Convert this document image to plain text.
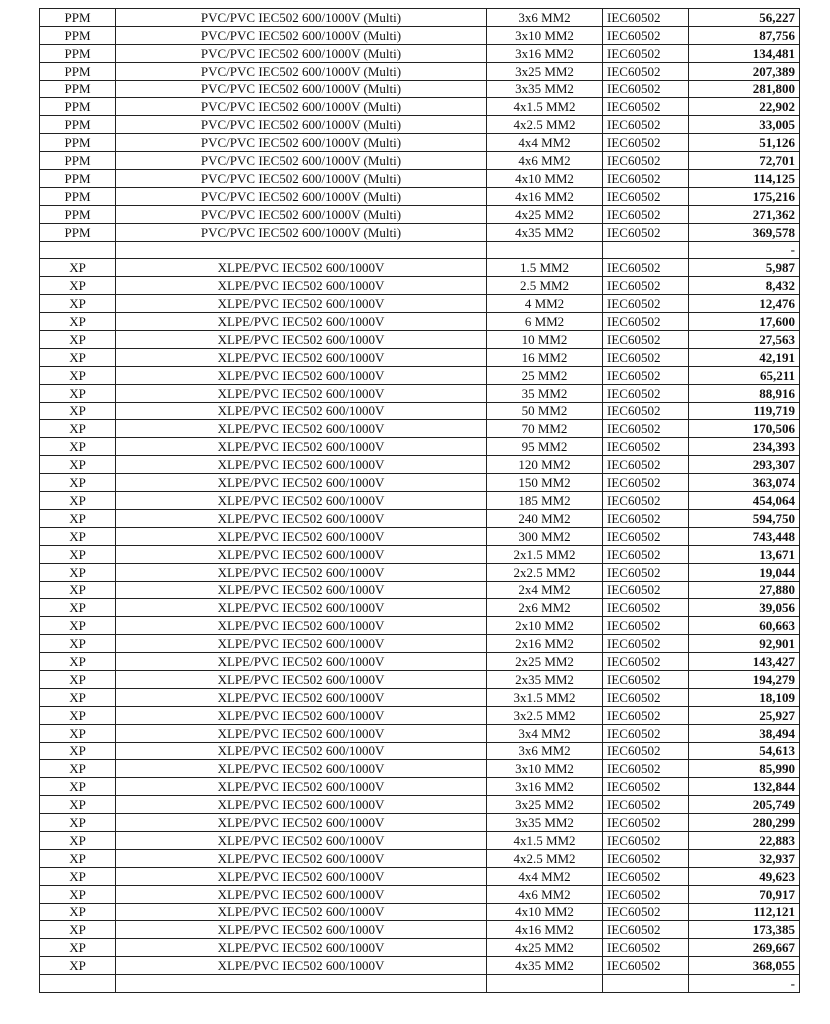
PPM	PVC/PVC IEC502 600/1000V (Multi)	3x6 MM2	IEC60502	56,227
PPM	PVC/PVC IEC502 600/1000V (Multi)	3x10 MM2	IEC60502	87,756
PPM	PVC/PVC IEC502 600/1000V (Multi)	3x16 MM2	IEC60502	134,481
PPM	PVC/PVC IEC502 600/1000V (Multi)	3x25 MM2	IEC60502	207,389
PPM	PVC/PVC IEC502 600/1000V (Multi)	3x35 MM2	IEC60502	281,800
PPM	PVC/PVC IEC502 600/1000V (Multi)	4x1.5 MM2	IEC60502	22,902
PPM	PVC/PVC IEC502 600/1000V (Multi)	4x2.5 MM2	IEC60502	33,005
PPM	PVC/PVC IEC502 600/1000V (Multi)	4x4 MM2	IEC60502	51,126
PPM	PVC/PVC IEC502 600/1000V (Multi)	4x6 MM2	IEC60502	72,701
PPM	PVC/PVC IEC502 600/1000V (Multi)	4x10 MM2	IEC60502	114,125
PPM	PVC/PVC IEC502 600/1000V (Multi)	4x16 MM2	IEC60502	175,216
PPM	PVC/PVC IEC502 600/1000V (Multi)	4x25 MM2	IEC60502	271,362
PPM	PVC/PVC IEC502 600/1000V (Multi)	4x35 MM2	IEC60502	369,578
				-
XP	XLPE/PVC IEC502 600/1000V	1.5 MM2	IEC60502	5,987
XP	XLPE/PVC IEC502 600/1000V	2.5 MM2	IEC60502	8,432
XP	XLPE/PVC IEC502 600/1000V	4 MM2	IEC60502	12,476
XP	XLPE/PVC IEC502 600/1000V	6 MM2	IEC60502	17,600
XP	XLPE/PVC IEC502 600/1000V	10 MM2	IEC60502	27,563
XP	XLPE/PVC IEC502 600/1000V	16 MM2	IEC60502	42,191
XP	XLPE/PVC IEC502 600/1000V	25 MM2	IEC60502	65,211
XP	XLPE/PVC IEC502 600/1000V	35 MM2	IEC60502	88,916
XP	XLPE/PVC IEC502 600/1000V	50 MM2	IEC60502	119,719
XP	XLPE/PVC IEC502 600/1000V	70 MM2	IEC60502	170,506
XP	XLPE/PVC IEC502 600/1000V	95 MM2	IEC60502	234,393
XP	XLPE/PVC IEC502 600/1000V	120 MM2	IEC60502	293,307
XP	XLPE/PVC IEC502 600/1000V	150 MM2	IEC60502	363,074
XP	XLPE/PVC IEC502 600/1000V	185 MM2	IEC60502	454,064
XP	XLPE/PVC IEC502 600/1000V	240 MM2	IEC60502	594,750
XP	XLPE/PVC IEC502 600/1000V	300 MM2	IEC60502	743,448
XP	XLPE/PVC IEC502 600/1000V	2x1.5 MM2	IEC60502	13,671
XP	XLPE/PVC IEC502 600/1000V	2x2.5 MM2	IEC60502	19,044
XP	XLPE/PVC IEC502 600/1000V	2x4 MM2	IEC60502	27,880
XP	XLPE/PVC IEC502 600/1000V	2x6 MM2	IEC60502	39,056
XP	XLPE/PVC IEC502 600/1000V	2x10 MM2	IEC60502	60,663
XP	XLPE/PVC IEC502 600/1000V	2x16 MM2	IEC60502	92,901
XP	XLPE/PVC IEC502 600/1000V	2x25 MM2	IEC60502	143,427
XP	XLPE/PVC IEC502 600/1000V	2x35 MM2	IEC60502	194,279
XP	XLPE/PVC IEC502 600/1000V	3x1.5 MM2	IEC60502	18,109
XP	XLPE/PVC IEC502 600/1000V	3x2.5 MM2	IEC60502	25,927
XP	XLPE/PVC IEC502 600/1000V	3x4 MM2	IEC60502	38,494
XP	XLPE/PVC IEC502 600/1000V	3x6 MM2	IEC60502	54,613
XP	XLPE/PVC IEC502 600/1000V	3x10 MM2	IEC60502	85,990
XP	XLPE/PVC IEC502 600/1000V	3x16 MM2	IEC60502	132,844
XP	XLPE/PVC IEC502 600/1000V	3x25 MM2	IEC60502	205,749
XP	XLPE/PVC IEC502 600/1000V	3x35 MM2	IEC60502	280,299
XP	XLPE/PVC IEC502 600/1000V	4x1.5 MM2	IEC60502	22,883
XP	XLPE/PVC IEC502 600/1000V	4x2.5 MM2	IEC60502	32,937
XP	XLPE/PVC IEC502 600/1000V	4x4 MM2	IEC60502	49,623
XP	XLPE/PVC IEC502 600/1000V	4x6 MM2	IEC60502	70,917
XP	XLPE/PVC IEC502 600/1000V	4x10 MM2	IEC60502	112,121
XP	XLPE/PVC IEC502 600/1000V	4x16 MM2	IEC60502	173,385
XP	XLPE/PVC IEC502 600/1000V	4x25 MM2	IEC60502	269,667
XP	XLPE/PVC IEC502 600/1000V	4x35 MM2	IEC60502	368,055
				-
